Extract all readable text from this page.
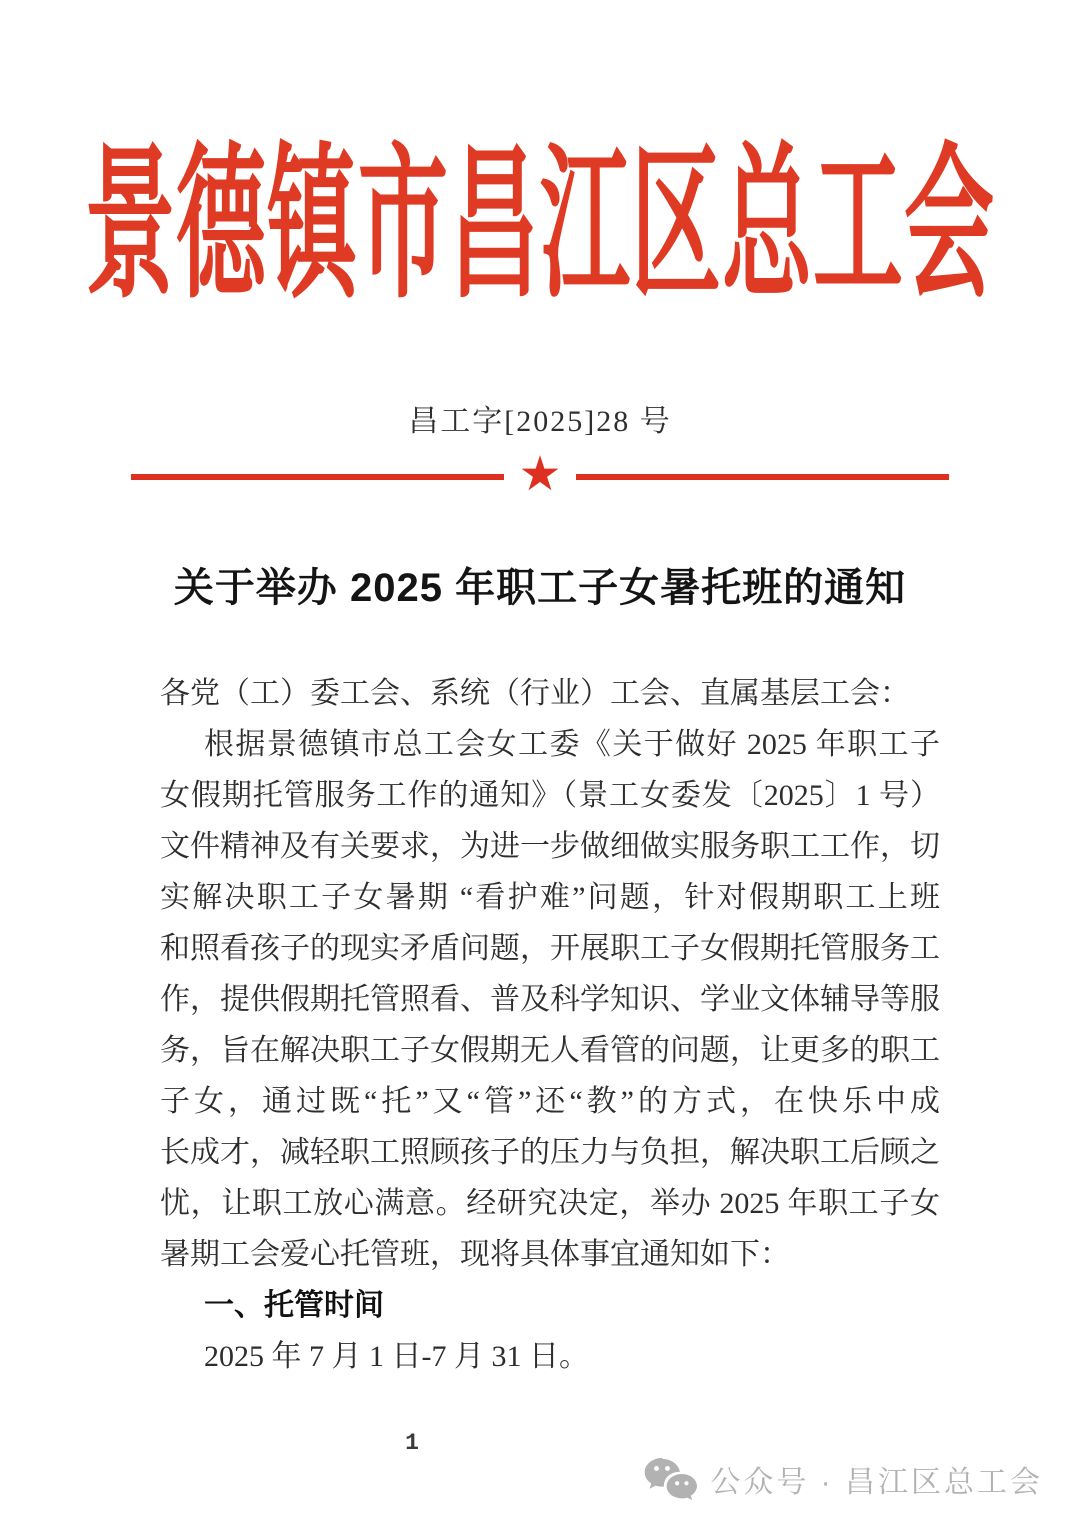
景德镇市昌江区总工会
昌工字[2025]28 号
★
关于举办 2025 年职工子女暑托班的通知
各党（工）委工会、系统（行业）工会、直属基层工会：
根据景德镇市总工会女工委《关于做好 2025 年职工子
女假期托管服务工作的通知》（景工女委发〔2025〕1 号）
文件精神及有关要求，为进一步做细做实服务职工工作，切
实解决职工子女暑期 “看护难”问题，针对假期职工上班
和照看孩子的现实矛盾问题，开展职工子女假期托管服务工
作，提供假期托管照看、普及科学知识、学业文体辅导等服
务，旨在解决职工子女假期无人看管的问题，让更多的职工
子女，通过既“托”又“管”还“教”的方式，在快乐中成
长成才，减轻职工照顾孩子的压力与负担，解决职工后顾之
忧，让职工放心满意。经研究决定，举办 2025 年职工子女
暑期工会爱心托管班，现将具体事宜通知如下：
一、托管时间
2025 年 7 月 1 日-7 月 31 日。
1
公众号 · 昌江区总工会
